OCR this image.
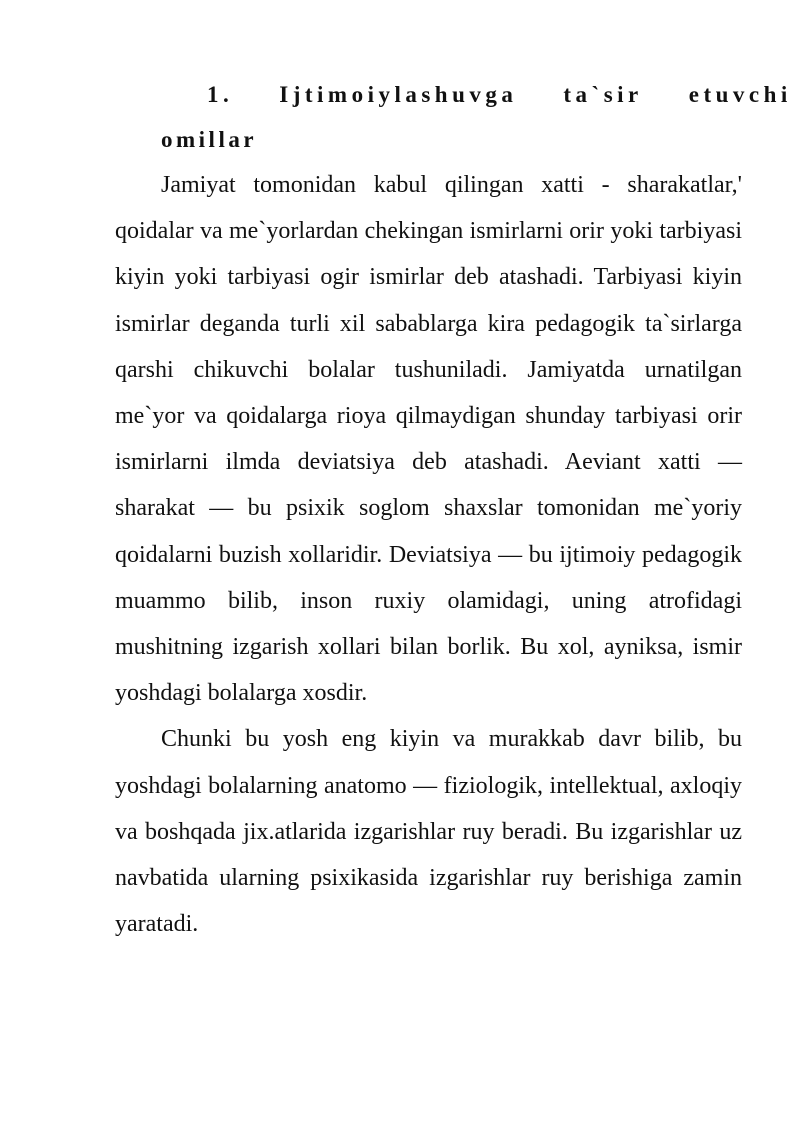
1.	Ijtimoiylashuvga	ta`sir	etuvchi
omillar

Jamiyat tomonidan kabul qilingan xatti - sharakatlar,' qoidalar va me`yorlardan chekingan ismirlarni orir yoki tarbiyasi kiyin yoki tarbiyasi ogir ismirlar deb atashadi. Tarbiyasi kiyin ismirlar deganda turli xil sabablarga kira pedagogik ta`sirlarga qarshi chikuvchi bolalar tushuniladi. Jamiyatda urnatilgan me`yor va qoidalarga rioya qilmaydigan shunday tarbiyasi orir ismirlarni ilmda deviatsiya deb atashadi. Aeviant xatti — sharakat — bu psixik soglom shaxslar tomonidan me`yoriy qoidalarni buzish xollaridir. Deviatsiya — bu ijtimoiy pedagogik muammo bilib, inson ruxiy olamidagi, uning atrofidagi mushitning izgarish xollari bilan borlik. Bu xol, ayniksa, ismir yoshdagi bolalarga xosdir.

Chunki bu yosh eng kiyin va murakkab davr bilib, bu yoshdagi bolalarning anatomo — fiziologik, intellektual, axloqiy va boshqada jix.atlarida izgarishlar ruy beradi. Bu izgarishlar uz navbatida ularning psixikasida izgarishlar ruy berishiga zamin yaratadi.
